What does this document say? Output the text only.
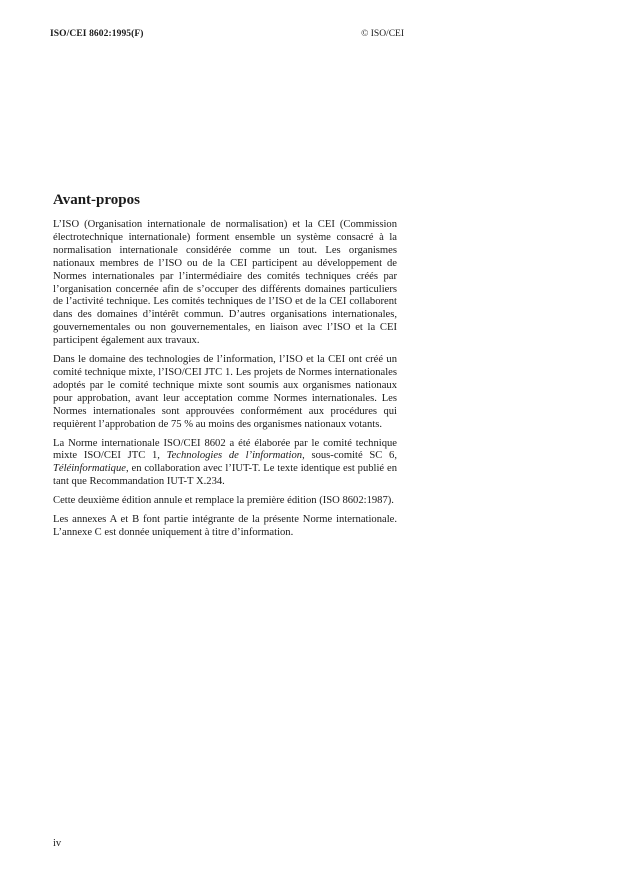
ISO/CEI 8602:1995(F)	© ISO/CEI
Avant-propos

L’ISO (Organisation internationale de normalisation) et la CEI (Commission électrotechnique internationale) forment ensemble un système consacré à la normalisation internationale considérée comme un tout. Les organismes nationaux membres de l’ISO ou de la CEI participent au développement de Normes internationales par l’intermédiaire des comités techniques créés par l’organisation concernée afin de s’occuper des différents domaines particuliers de l’activité technique. Les comités techniques de l’ISO et de la CEI collaborent dans des domaines d’intérêt commun. D’autres organisations internationales, gouvernementales ou non gouvernementales, en liaison avec l’ISO et la CEI participent également aux travaux.

Dans le domaine des technologies de l’information, l’ISO et la CEI ont créé un comité technique mixte, l’ISO/CEI JTC 1. Les projets de Normes internationales adoptés par le comité technique mixte sont soumis aux organismes nationaux pour approbation, avant leur acceptation comme Normes internationales. Les Normes internationales sont approuvées conformément aux procédures qui requièrent l’approbation de 75 % au moins des organismes nationaux votants.

La Norme internationale ISO/CEI 8602 a été élaborée par le comité technique mixte ISO/CEI JTC 1, Technologies de l’information, sous-comité SC 6, Téléinformatique, en collaboration avec l’IUT-T. Le texte identique est publié en tant que Recommandation IUT-T X.234.

Cette deuxième édition annule et remplace la première édition (ISO 8602:1987).

Les annexes A et B font partie intégrante de la présente Norme internationale. L’annexe C est donnée uniquement à titre d’information.

iv
